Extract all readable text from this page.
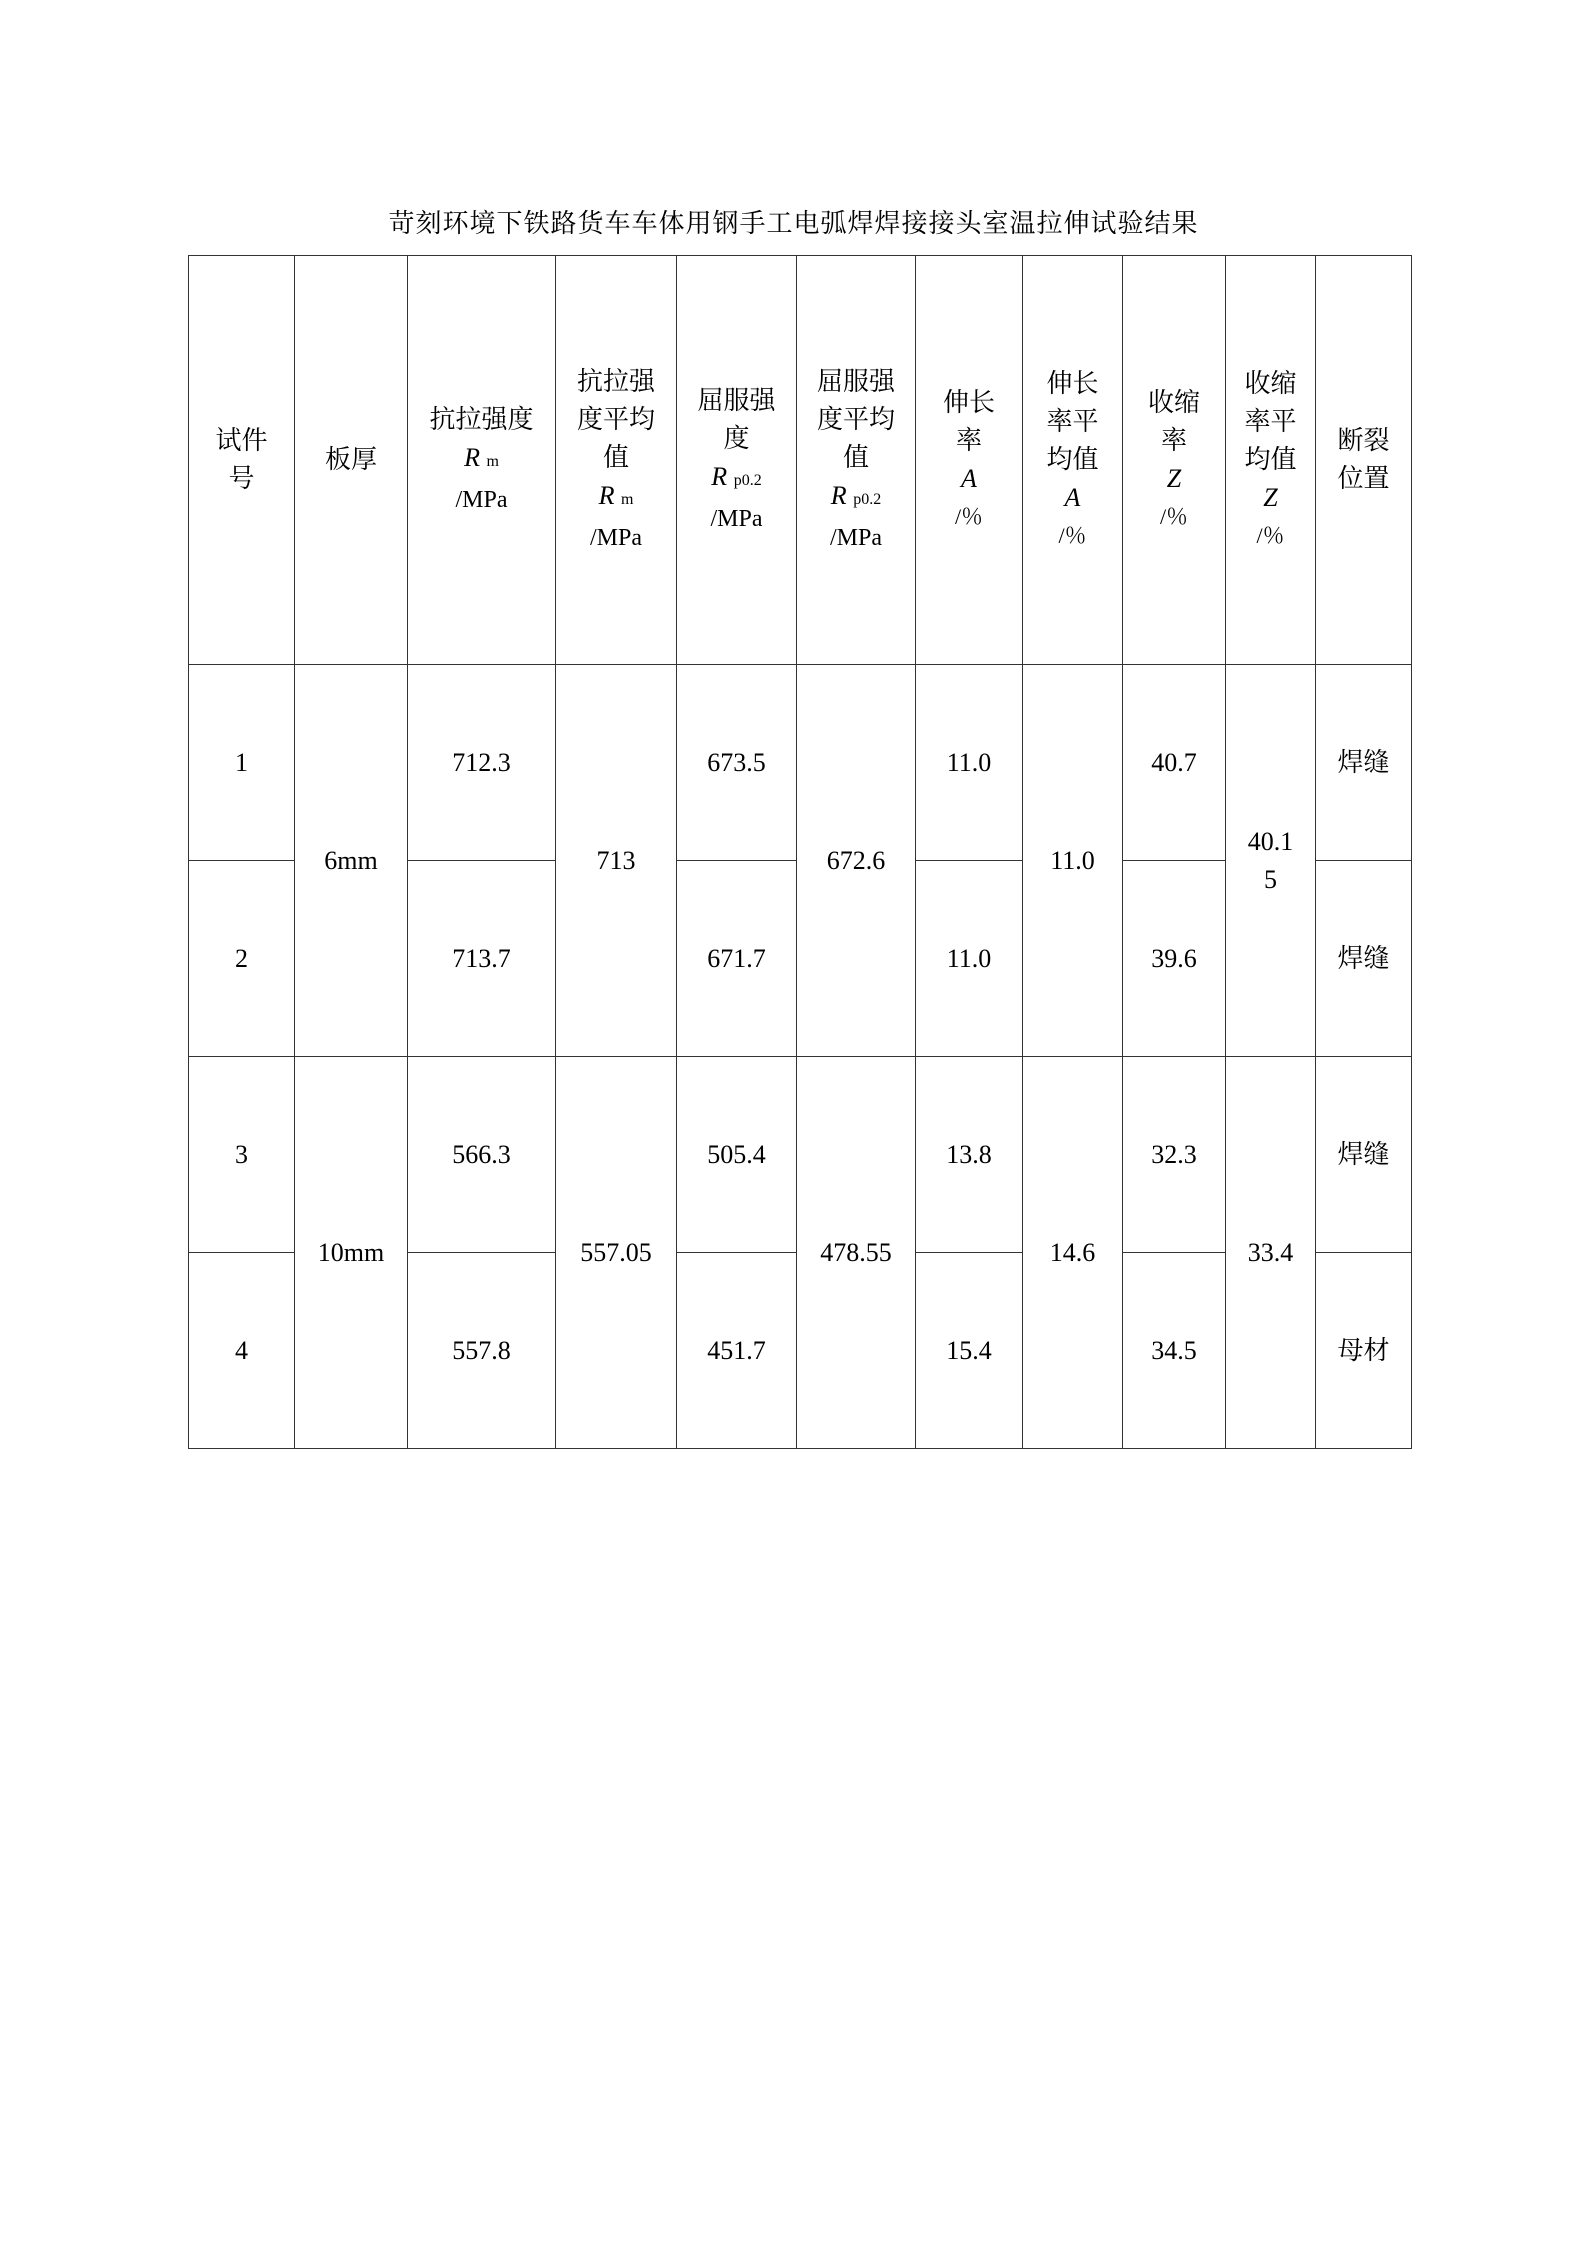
苛刻环境下铁路货车车体用钢手工电弧焊焊接接头室温拉伸试验结果
试件
号	板厚	抗拉强度
R m
/MPa	抗拉强
度平均
值
R m
/MPa	屈服强
度
R p0.2
/MPa	屈服强
度平均
值
R p0.2
/MPa	伸长
率
A
/％	伸长
率平
均值
A
/％	收缩
率
Z
/％	收缩
率平
均值
Z
/％	断裂
位置

1	6mm	712.3	713	673.5	672.6	11.0	11.0	40.7	40.1
5	焊缝

2		713.7		671.7		11.0		39.6		焊缝

3	10mm	566.3	557.05	505.4	478.55	13.8	14.6	32.3	33.4	焊缝

4		557.8		451.7		15.4		34.5		母材
